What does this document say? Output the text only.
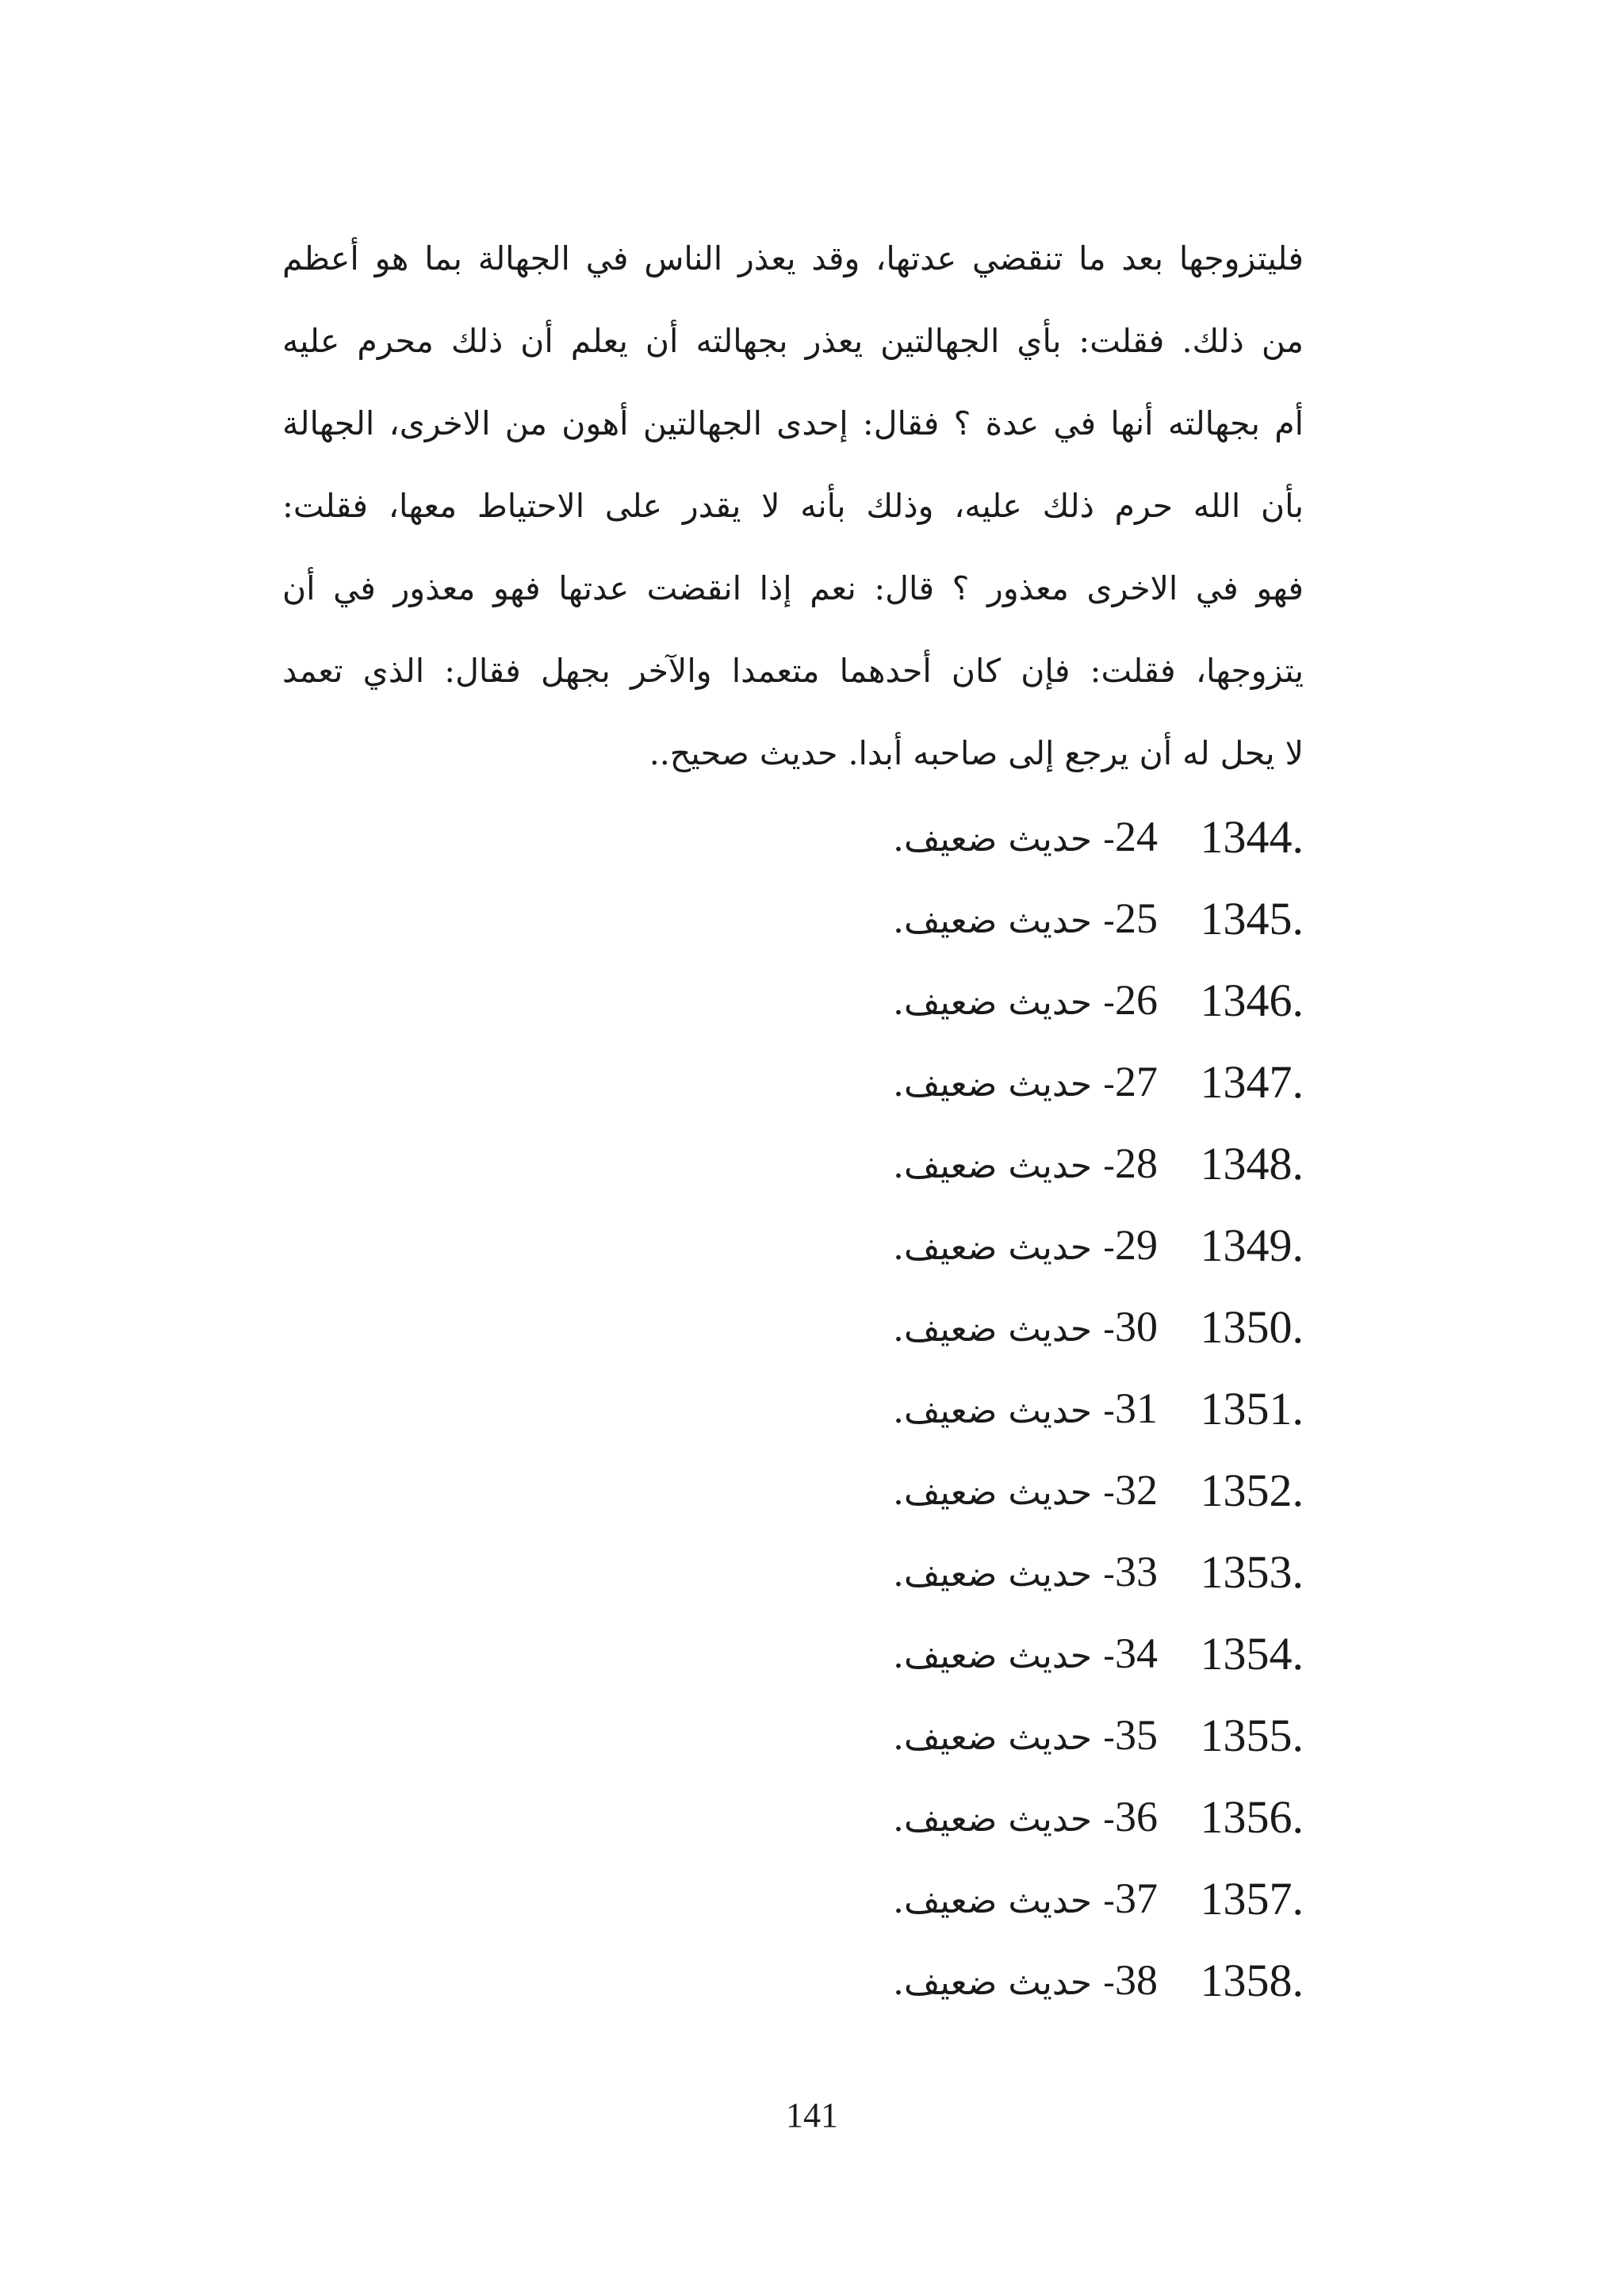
فليتزوجها بعد ما تنقضي عدتها، وقد يعذر الناس في الجهالة بما هو أعظم
من ذلك. فقلت: بأي الجهالتين يعذر بجهالته أن يعلم أن ذلك محرم عليه
أم بجهالته أنها في عدة ؟ فقال: إحدى الجهالتين أهون من الاخرى، الجهالة
بأن الله حرم ذلك عليه، وذلك بأنه لا يقدر على الاحتياط معها، فقلت:
فهو في الاخرى معذور ؟ قال: نعم إذا انقضت عدتها فهو معذور في أن
يتزوجها، فقلت: فإن كان أحدهما متعمدا والآخر بجهل فقال: الذي تعمد
لا يحل له أن يرجع إلى صاحبه أبدا. حديث صحيح..
1344.
24- حديث ضعيف.
1345.
25- حديث ضعيف.
1346.
26- حديث ضعيف.
1347.
27- حديث ضعيف.
1348.
28- حديث ضعيف.
1349.
29- حديث ضعيف.
1350.
30- حديث ضعيف.
1351.
31- حديث ضعيف.
1352.
32- حديث ضعيف.
1353.
33- حديث ضعيف.
1354.
34- حديث ضعيف.
1355.
35- حديث ضعيف.
1356.
36- حديث ضعيف.
1357.
37- حديث ضعيف.
1358.
38- حديث ضعيف.
141
